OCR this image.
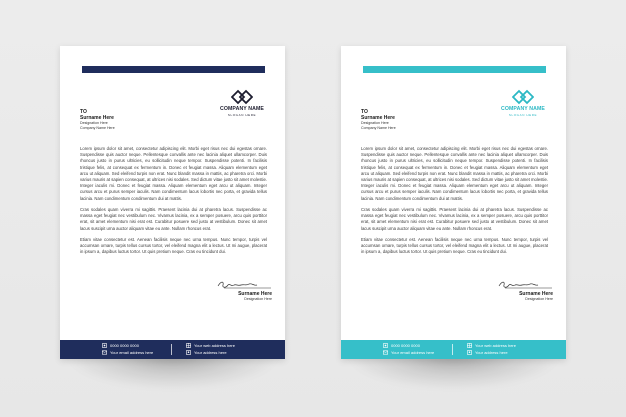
COMPANY NAME
SLOGAN HERE
TO
Surname Here
Designation Here
Company Name Here

Lorem ipsum dolor sit amet, consectetur adipiscing elit. Morbi eget risus nec dui egestas ornare. Suspendisse quis auctor neque. Pellentesque convallis ante nec lacinia aliquet ullamcorper. Duis rhoncus justo in purus ultricies, eu sollicitudin neque tempor. Suspendisse potenti. In facilisis tristique felis, at consequat ex fermentum in. Donec et feugiat massa. Aliquam elementum eget arcu ut aliquam. Sed eleifend turpis non erat. Nunc blandit massa in mattis, ac pharetra orci. Morbi varius mauris at sapien consequat, at ultrices nisi sodales. Sed dictum vitae justo sit amet molestie. Integer iaculis mi. Donec et feugiat massa. Aliquam elementum eget arcu ut aliquam. Integer cursus arcu et purus semper iaculis. Nam condimentum lacus lobortis nec porta, et gravida tellus lacinia. Nam condimentum condimentum dui at mattis.

Cras sodales quam viverra mi sagittis. Praesent lacinia dui at pharetra lacus. Suspendisse ac massa eget feugiat nec vestibulum nec. Vivamus lacinia, ex a semper posuere, arcu quis porttitor erat, sit amet elementum nisi erat est. Curabitur posuere sed justo at vestibulum. Donec sit amet lacus suscipit urna auctor aliquam vitae eu ante. Nullam rhoncus erat.

Etiam vitae consectetur est. Aenean facilisis neque nec urna tempus. Nunc tempor, turpis vel accumsan ornare, turpis tellus cursus tortor, vel eleifend magna elit a lectus. Ut mi augue, placerat in ipsum a, dapibus luctus tortor. Ut quis pretium neque. Cras eu tincidunt dui.

Surname Here
Designation Here
0000 0000 0000
Your email address here
Your web address here
Your address here
COMPANY NAME
SLOGAN HERE
TO
Surname Here
Designation Here
Company Name Here

Lorem ipsum dolor sit amet, consectetur adipiscing elit. Morbi eget risus nec dui egestas ornare. Suspendisse quis auctor neque. Pellentesque convallis ante nec lacinia aliquet ullamcorper. Duis rhoncus justo in purus ultricies, eu sollicitudin neque tempor. Suspendisse potenti. In facilisis tristique felis, at consequat ex fermentum in. Donec et feugiat massa. Aliquam elementum eget arcu ut aliquam. Sed eleifend turpis non erat. Nunc blandit massa in mattis, ac pharetra orci. Morbi varius mauris at sapien consequat, at ultrices nisi sodales. Sed dictum vitae justo sit amet molestie. Integer iaculis mi. Donec et feugiat massa. Aliquam elementum eget arcu ut aliquam. Integer cursus arcu et purus semper iaculis. Nam condimentum lacus lobortis nec porta, et gravida tellus lacinia. Nam condimentum condimentum dui at mattis.

Cras sodales quam viverra mi sagittis. Praesent lacinia dui at pharetra lacus. Suspendisse ac massa eget feugiat nec vestibulum nec. Vivamus lacinia, ex a semper posuere, arcu quis porttitor erat, sit amet elementum nisi erat est. Curabitur posuere sed justo at vestibulum. Donec sit amet lacus suscipit urna auctor aliquam vitae eu ante. Nullam rhoncus erat.

Etiam vitae consectetur est. Aenean facilisis neque nec urna tempus. Nunc tempor, turpis vel accumsan ornare, turpis tellus cursus tortor, vel eleifend magna elit a lectus. Ut mi augue, placerat in ipsum a, dapibus luctus tortor. Ut quis pretium neque. Cras eu tincidunt dui.

Surname Here
Designation Here
0000 0000 0000
Your email address here
Your web address here
Your address here
